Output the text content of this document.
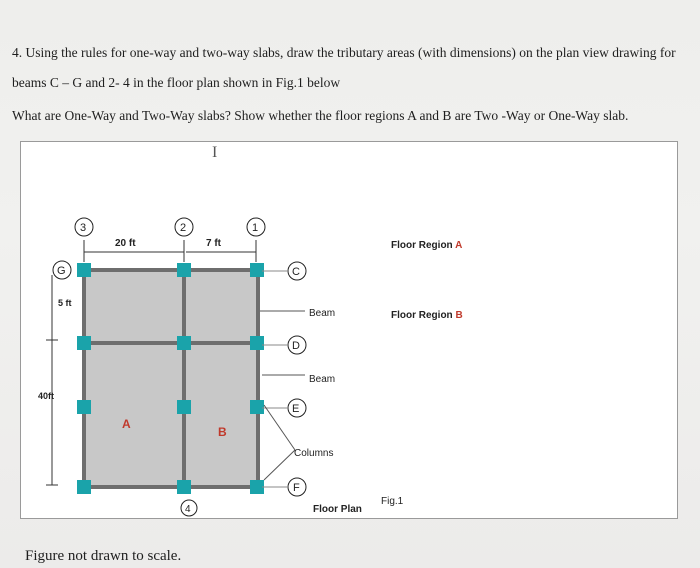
4. Using the rules for one-way and two-way slabs, draw the tributary areas (with dimensions) on the plan view drawing for
beams C – G and 2- 4 in the floor plan shown in Fig.1 below
What are One-Way and Two-Way slabs? Show whether the floor regions A and B are Two -Way or One-Way slab.
I
20 ft	7 ft
5 ft
40ft
3	2	1
G	C
D
E
F
4
A
B
Beam
Beam
Columns
Floor Plan
Fig.1
Floor Region A
Floor Region B
Figure not drawn to scale.
